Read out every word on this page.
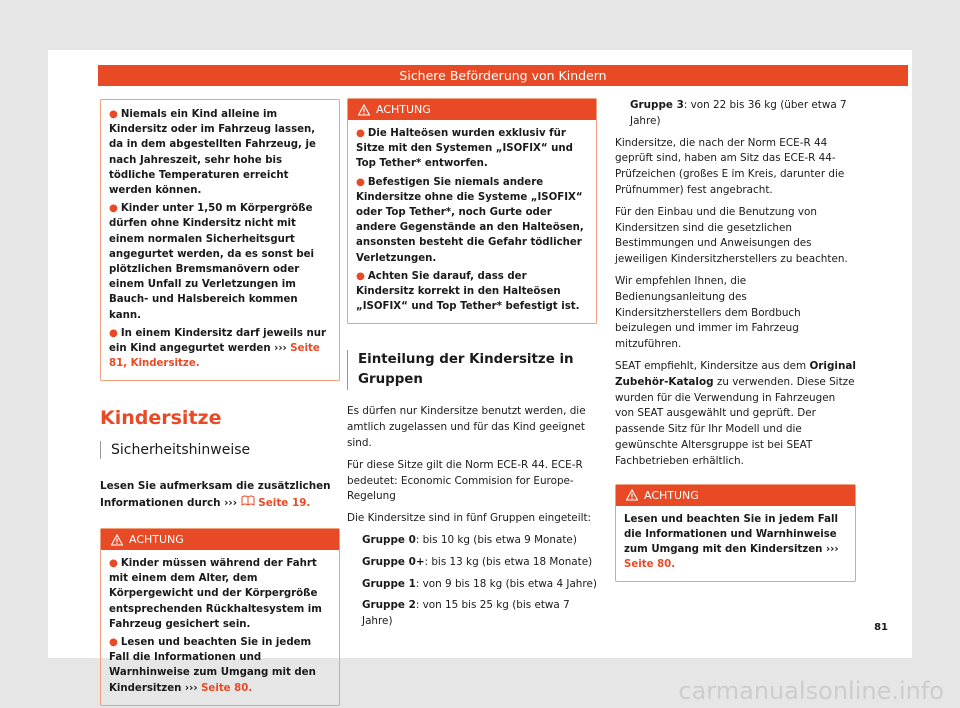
Sichere Beförderung von Kindern
● Niemals ein Kind alleine im Kindersitz oder im Fahrzeug lassen, da in dem abgestellten Fahrzeug, je nach Jahreszeit, sehr hohe bis tödliche Temperaturen erreicht werden können.
● Kinder unter 1,50 m Körpergröße dürfen ohne Kindersitz nicht mit einem normalen Sicherheitsgurt angegurtet werden, da es sonst bei plötzlichen Bremsmanövern oder einem Unfall zu Verletzungen im Bauch- und Halsbereich kommen kann.
● In einem Kindersitz darf jeweils nur ein Kind angegurtet werden ››› Seite 81, Kindersitze.
Kindersitze
Sicherheitshinweise
Lesen Sie aufmerksam die zusätzlichen Informationen durch ››› Seite 19.
ACHTUNG
● Kinder müssen während der Fahrt mit einem dem Alter, dem Körpergewicht und der Körpergröße entsprechenden Rückhaltesystem im Fahrzeug gesichert sein.
● Lesen und beachten Sie in jedem Fall die Informationen und Warnhinweise zum Umgang mit den Kindersitzen ››› Seite 80.
ACHTUNG
● Die Halteösen wurden exklusiv für Sitze mit den Systemen „ISOFIX“ und Top Tether* entworfen.
● Befestigen Sie niemals andere Kindersitze ohne die Systeme „ISOFIX“ oder Top Tether*, noch Gurte oder andere Gegenstände an den Halteösen, ansonsten besteht die Gefahr tödlicher Verletzungen.
● Achten Sie darauf, dass der Kindersitz korrekt in den Halteösen „ISOFIX“ und Top Tether* befestigt ist.
Einteilung der Kindersitze in Gruppen

Es dürfen nur Kindersitze benutzt werden, die amtlich zugelassen und für das Kind geeignet sind.

Für diese Sitze gilt die Norm ECE-R 44. ECE-R bedeutet: Economic Commision for Europe-Regelung

Die Kindersitze sind in fünf Gruppen eingeteilt:

Gruppe 0: bis 10 kg (bis etwa 9 Monate)

Gruppe 0+: bis 13 kg (bis etwa 18 Monate)

Gruppe 1: von 9 bis 18 kg (bis etwa 4 Jahre)

Gruppe 2: von 15 bis 25 kg (bis etwa 7 Jahre)

Gruppe 3: von 22 bis 36 kg (über etwa 7 Jahre)

Kindersitze, die nach der Norm ECE-R 44 geprüft sind, haben am Sitz das ECE-R 44-Prüfzeichen (großes E im Kreis, darunter die Prüfnummer) fest angebracht.

Für den Einbau und die Benutzung von Kindersitzen sind die gesetzlichen Bestimmungen und Anweisungen des jeweiligen Kindersitzherstellers zu beachten.

Wir empfehlen Ihnen, die Bedienungsanleitung des Kindersitzherstellers dem Bordbuch beizulegen und immer im Fahrzeug mitzuführen.

SEAT empfiehlt, Kindersitze aus dem Original Zubehör-Katalog zu verwenden. Diese Sitze wurden für die Verwendung in Fahrzeugen von SEAT ausgewählt und geprüft. Der passende Sitz für Ihr Modell und die gewünschte Altersgruppe ist bei SEAT Fachbetrieben erhältlich.

ACHTUNG
Lesen und beachten Sie in jedem Fall die Informationen und Warnhinweise zum Umgang mit den Kindersitzen ››› Seite 80.
81
carmanualsonline.info
